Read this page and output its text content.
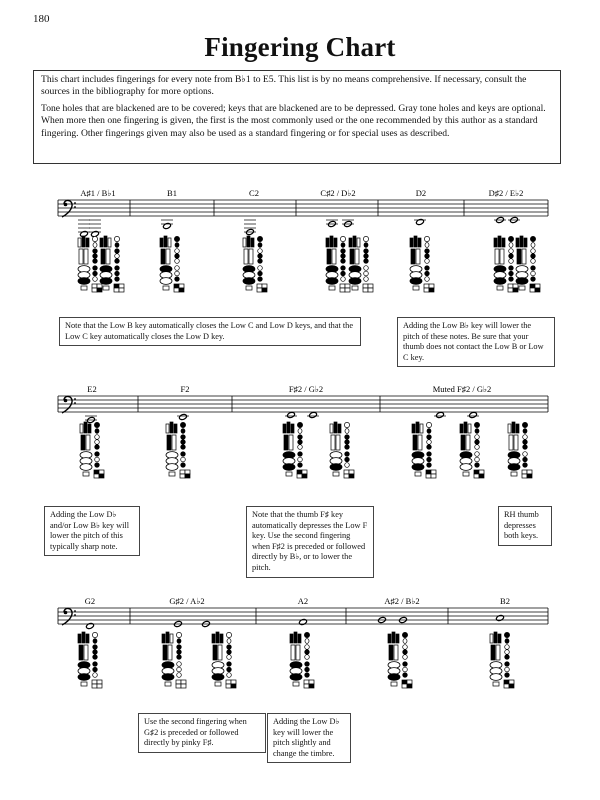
180
Fingering Chart

This chart includes fingerings for every note from B♭1 to E5. This list is by no means comprehensive. If necessary, consult the sources in the bibliography for more options.

Tone holes that are blackened are to be covered; keys that are blackened are to be depressed. Gray tone holes and keys are optional. When more then one fingering is given, the first is the most commonly used or the one recommended by this author as a standard fingering. Other fingerings given may also be used as a standard fingering or for special uses as described.

A♯1 / B♭1	B1	C2	C♯2 / D♭2	D2	D♯2 / E♭2
E2	F2	F♯2 / G♭2	Muted F♯2 / G♭2
G2	G♯2 / A♭2	A2	A♯2 / B♭2	B2
Note that the Low B key automatically closes the Low C and Low D keys, and that the Low C key automatically closes the Low D key.
Adding the Low B♭ key will lower the pitch of these notes. Be sure that your thumb does not contact the Low B or Low C key.
Adding the Low D♭ and/or Low B♭ key will lower the pitch of this typically sharp note.
Note that the thumb F♯ key automatically depresses the Low F key. Use the second fingering when F♯2 is preceded or followed directly by B♭, or to lower the pitch.
RH thumb depresses both keys.
Use the second fingering when G♯2 is preceded or followed directly by pinky F♯.
Adding the Low D♭ key will lower the pitch slightly and change the timbre.
